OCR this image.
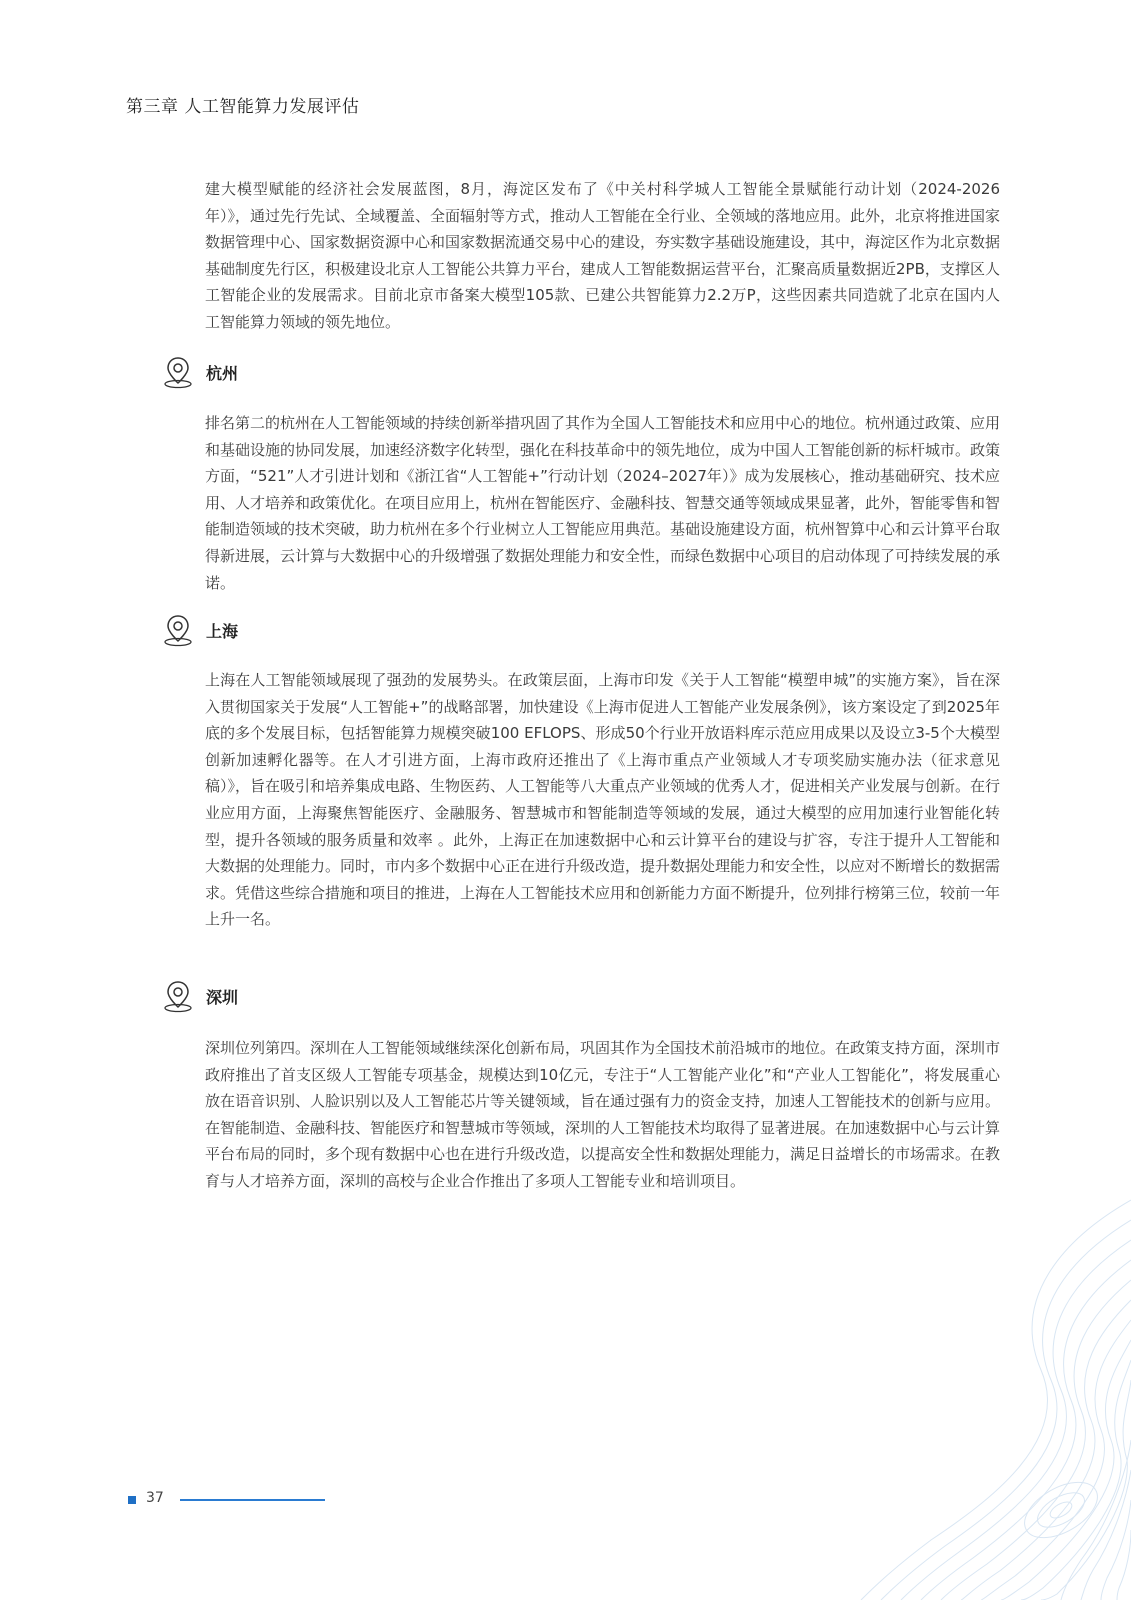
第三章 人工智能算力发展评估

建大模型赋能的经济社会发展蓝图，8月，海淀区发布了《中关村科学城人工智能全景赋能行动计划（2024-2026年）》，通过先行先试、全域覆盖、全面辐射等方式，推动人工智能在全行业、全领域的落地应用。此外，北京将推进国家数据管理中心、国家数据资源中心和国家数据流通交易中心的建设，夯实数字基础设施建设，其中，海淀区作为北京数据基础制度先行区，积极建设北京人工智能公共算力平台，建成人工智能数据运营平台，汇聚高质量数据近2PB，支撑区人工智能企业的发展需求。目前北京市备案大模型105款、已建公共智能算力2.2万P，这些因素共同造就了北京在国内人工智能算力领域的领先地位。

杭州

排名第二的杭州在人工智能领域的持续创新举措巩固了其作为全国人工智能技术和应用中心的地位。杭州通过政策、应用和基础设施的协同发展，加速经济数字化转型，强化在科技革命中的领先地位，成为中国人工智能创新的标杆城市。政策方面，“521”人才引进计划和《浙江省“人工智能+”行动计划（2024–2027年）》成为发展核心，推动基础研究、技术应用、人才培养和政策优化。在项目应用上，杭州在智能医疗、金融科技、智慧交通等领域成果显著，此外，智能零售和智能制造领域的技术突破，助力杭州在多个行业树立人工智能应用典范。基础设施建设方面，杭州智算中心和云计算平台取得新进展，云计算与大数据中心的升级增强了数据处理能力和安全性，而绿色数据中心项目的启动体现了可持续发展的承诺。

上海

上海在人工智能领域展现了强劲的发展势头。在政策层面，上海市印发《关于人工智能“模塑申城”的实施方案》，旨在深入贯彻国家关于发展“人工智能+”的战略部署，加快建设《上海市促进人工智能产业发展条例》，该方案设定了到2025年底的多个发展目标，包括智能算力规模突破100 EFLOPS、形成50个行业开放语料库示范应用成果以及设立3-5个大模型创新加速孵化器等。在人才引进方面，上海市政府还推出了《上海市重点产业领域人才专项奖励实施办法（征求意见稿）》，旨在吸引和培养集成电路、生物医药、人工智能等八大重点产业领域的优秀人才，促进相关产业发展与创新。在行业应用方面，上海聚焦智能医疗、金融服务、智慧城市和智能制造等领域的发展，通过大模型的应用加速行业智能化转型，提升各领域的服务质量和效率 。此外，上海正在加速数据中心和云计算平台的建设与扩容，专注于提升人工智能和大数据的处理能力。同时，市内多个数据中心正在进行升级改造，提升数据处理能力和安全性，以应对不断增长的数据需求。凭借这些综合措施和项目的推进，上海在人工智能技术应用和创新能力方面不断提升，位列排行榜第三位，较前一年上升一名。

深圳

深圳位列第四。深圳在人工智能领域继续深化创新布局，巩固其作为全国技术前沿城市的地位。在政策支持方面，深圳市政府推出了首支区级人工智能专项基金，规模达到10亿元，专注于“人工智能产业化”和“产业人工智能化”，将发展重心放在语音识别、人脸识别以及人工智能芯片等关键领域，旨在通过强有力的资金支持，加速人工智能技术的创新与应用。在智能制造、金融科技、智能医疗和智慧城市等领域，深圳的人工智能技术均取得了显著进展。在加速数据中心与云计算平台布局的同时，多个现有数据中心也在进行升级改造，以提高安全性和数据处理能力，满足日益增长的市场需求。在教育与人才培养方面，深圳的高校与企业合作推出了多项人工智能专业和培训项目。

37
